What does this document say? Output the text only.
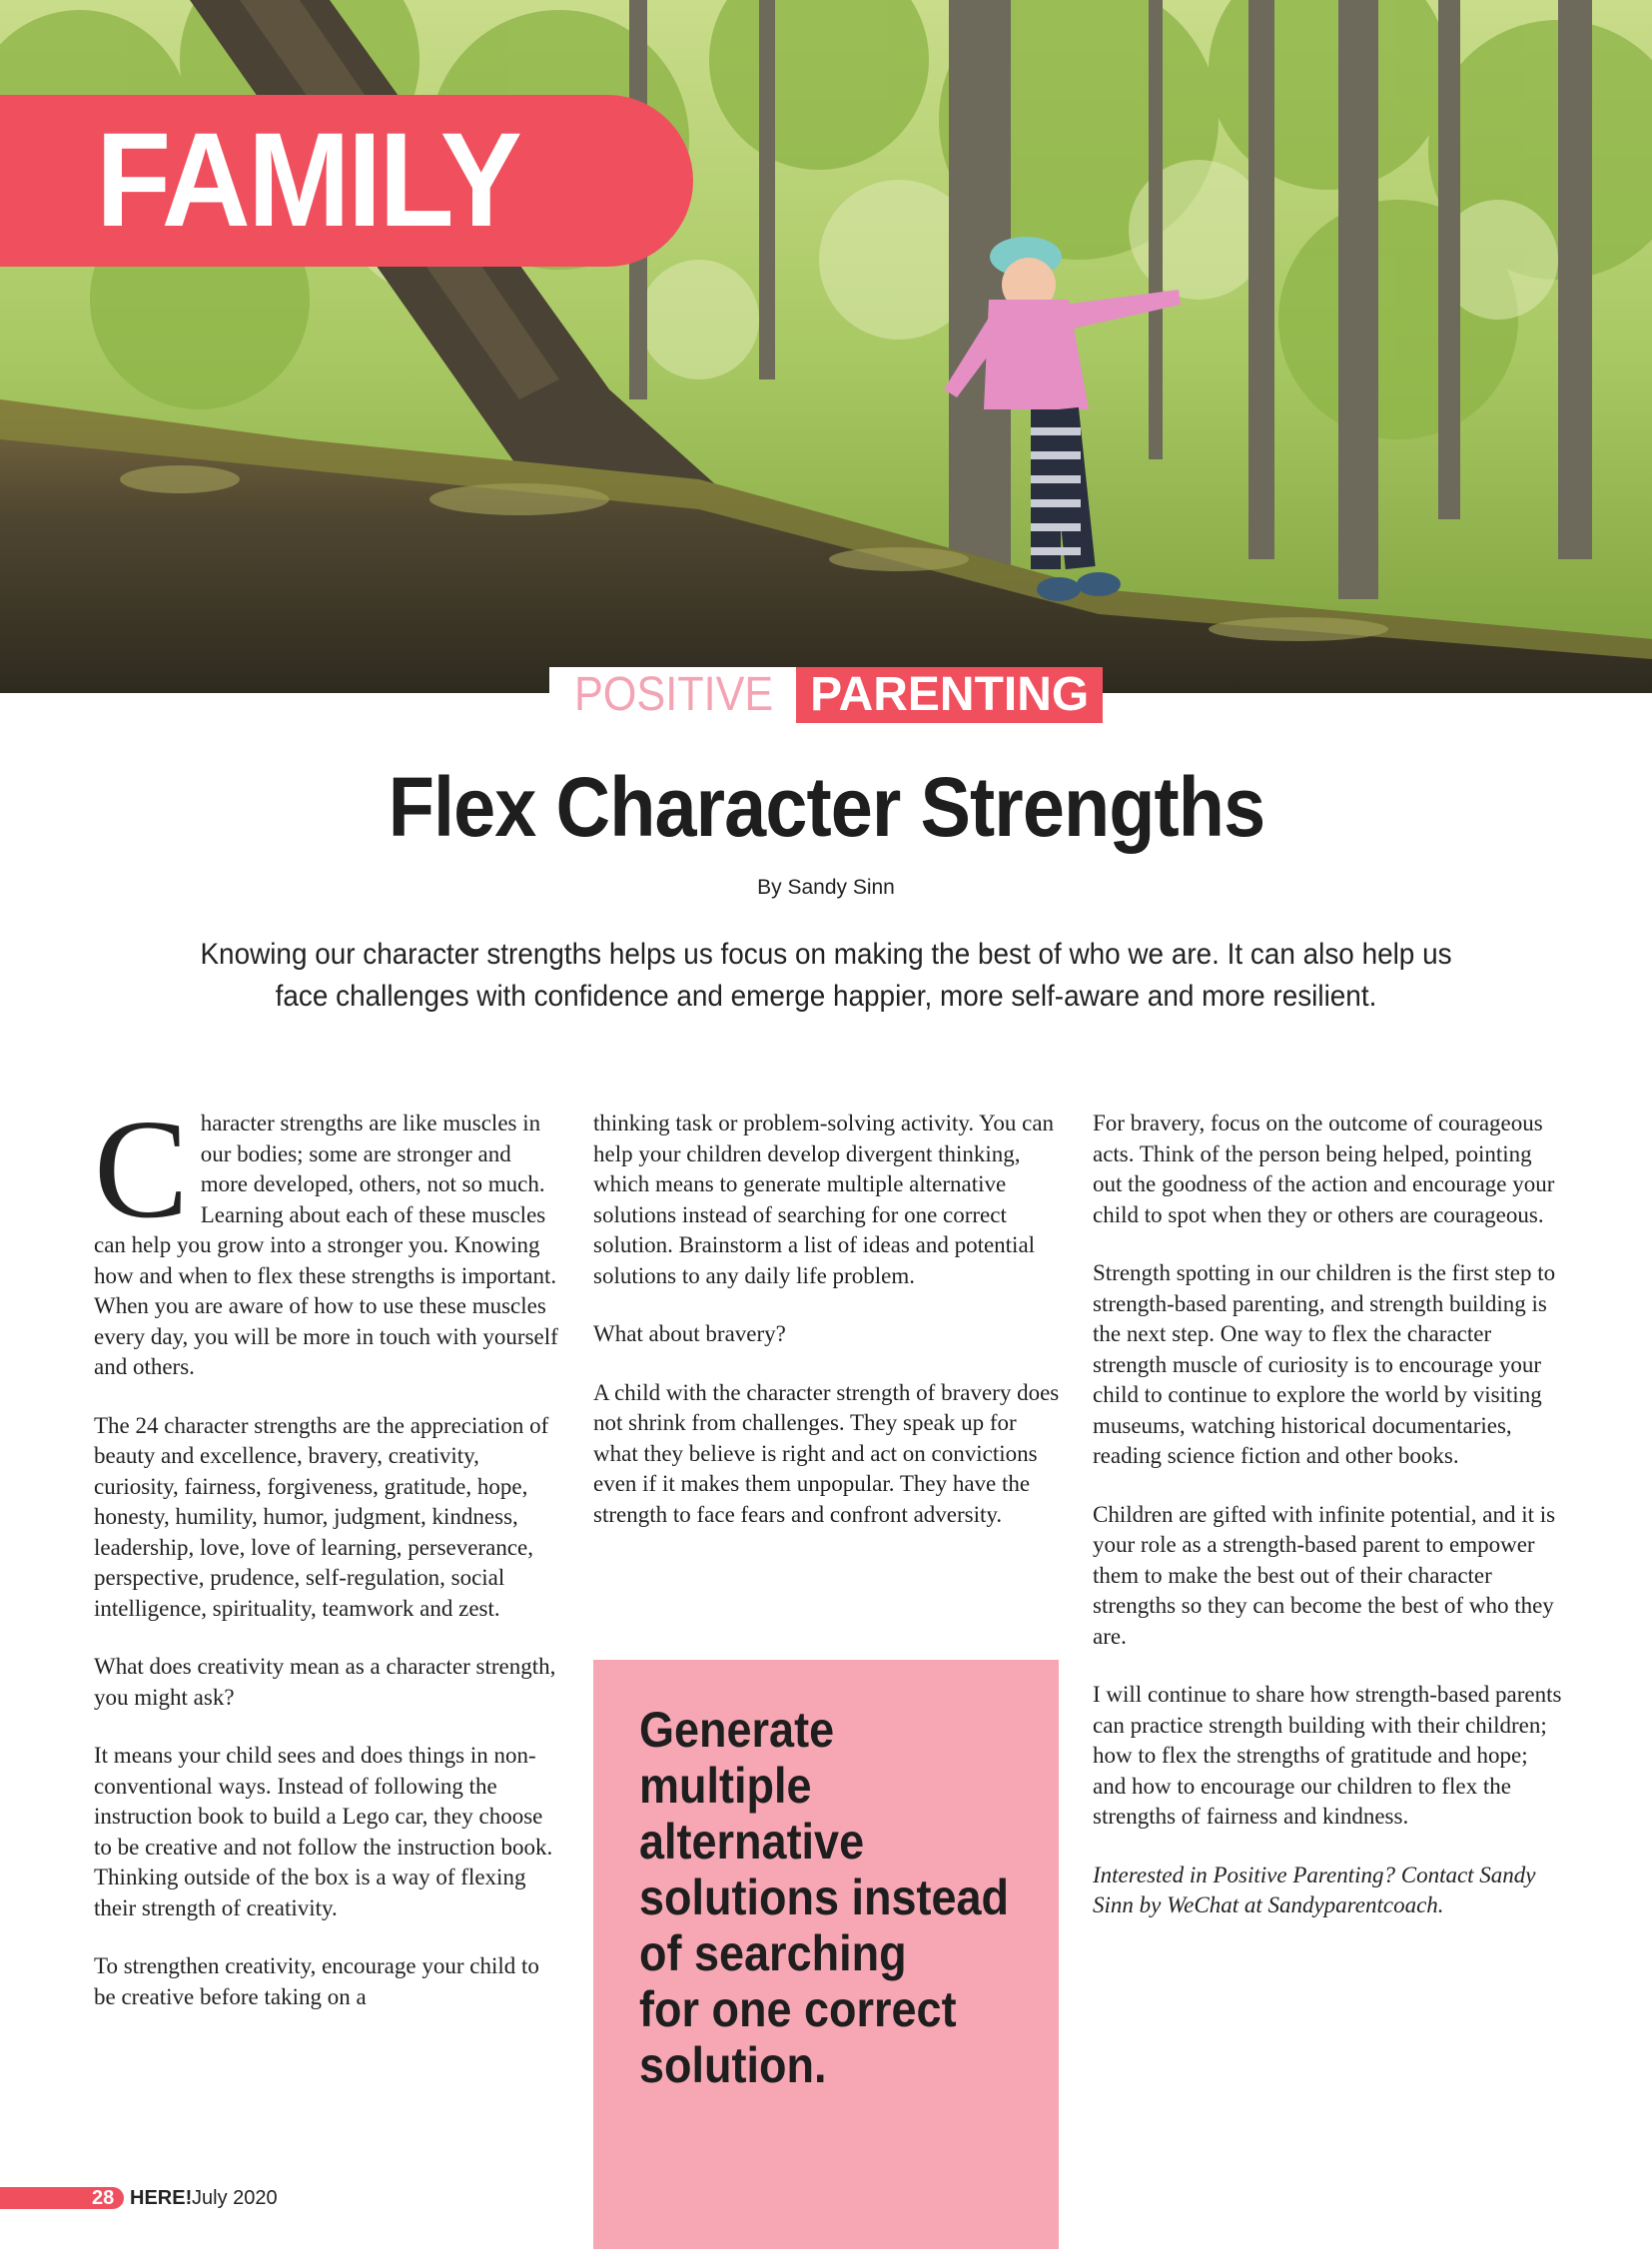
FAMILY
POSITIVE PARENTING
Flex Character Strengths
By Sandy Sinn
Knowing our character strengths helps us focus on making the best of who we are. It can also help us face challenges with confidence and emerge happier, more self-aware and more resilient.

Character strengths are like muscles in our bodies; some are stronger and more developed, others, not so much. Learning about each of these muscles can help you grow into a stronger you. Knowing how and when to flex these strengths is important. When you are aware of how to use these muscles every day, you will be more in touch with yourself and others.

The 24 character strengths are the appreciation of beauty and excellence, bravery, creativity, curiosity, fairness, forgiveness, gratitude, hope, honesty, humility, humor, judgment, kindness, leadership, love, love of learning, perseverance, perspective, prudence, self-regulation, social intelligence, spirituality, teamwork and zest.

What does creativity mean as a character strength, you might ask?

It means your child sees and does things in non-conventional ways. Instead of following the instruction book to build a Lego car, they choose to be creative and not follow the instruction book. Thinking outside of the box is a way of flexing their strength of creativity.

To strengthen creativity, encourage your child to be creative before taking on a

thinking task or problem-solving activity. You can help your children develop divergent thinking, which means to generate multiple alternative solutions instead of searching for one correct solution. Brainstorm a list of ideas and potential solutions to any daily life problem.

What about bravery?

A child with the character strength of bravery does not shrink from challenges. They speak up for what they believe is right and act on convictions even if it makes them unpopular. They have the strength to face fears and confront adversity.

Generate
multiple
alternative
solutions instead
of searching
for one correct
solution.

For bravery, focus on the outcome of courageous acts. Think of the person being helped, pointing out the goodness of the action and encourage your child to spot when they or others are courageous.

Strength spotting in our children is the first step to strength-based parenting, and strength building is the next step. One way to flex the character strength muscle of curiosity is to encourage your child to continue to explore the world by visiting museums, watching historical documentaries, reading science fiction and other books.

Children are gifted with infinite potential, and it is your role as a strength-based parent to empower them to make the best out of their character strengths so they can become the best of who they are.

I will continue to share how strength-based parents can practice strength building with their children; how to flex the strengths of gratitude and hope; and how to encourage our children to flex the strengths of fairness and kindness.

Interested in Positive Parenting? Contact Sandy Sinn by WeChat at Sandyparentcoach.

28 HERE! July 2020
